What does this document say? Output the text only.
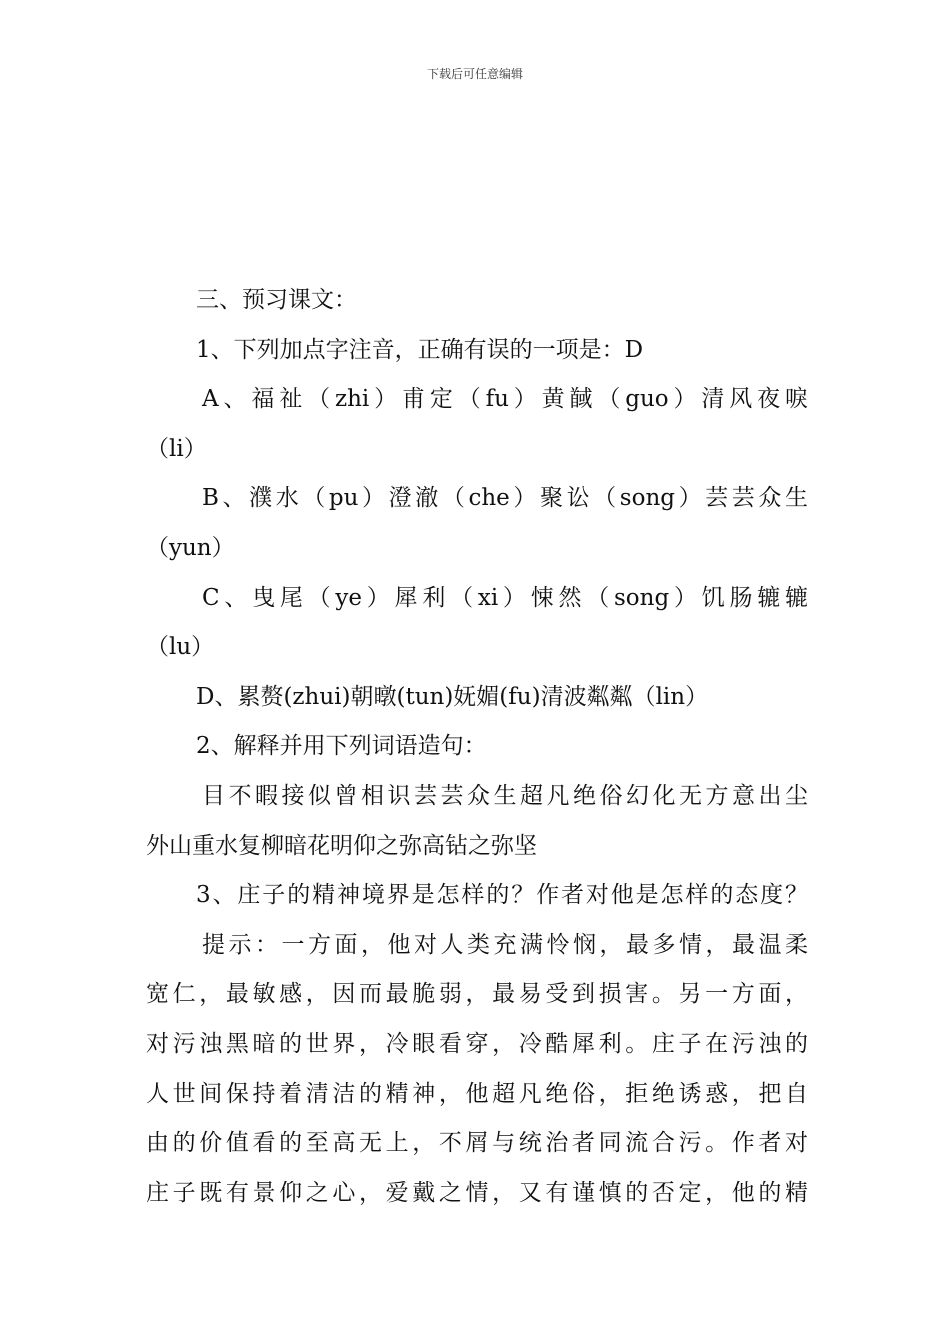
下载后可任意编辑
三、预习课文：
1、下列加点字注音，正确有误的一项是：D
A、福祉（zhi）甫定（fu）黄馘（guo）清风夜唳
（li）
B、濮水（pu）澄澈（che）聚讼（song）芸芸众生
（yun）
C、曳尾（ye）犀利（xi）悚然（song）饥肠辘辘
（lu）
D、累赘(zhui)朝暾(tun)妩媚(fu)清波粼粼（lin）
2、解释并用下列词语造句：
目不暇接似曾相识芸芸众生超凡绝俗幻化无方意出尘
外山重水复柳暗花明仰之弥高钻之弥坚
3、庄子的精神境界是怎样的？作者对他是怎样的态度？
提示：一方面，他对人类充满怜悯，最多情，最温柔
宽仁，最敏感，因而最脆弱，最易受到损害。另一方面，
对污浊黑暗的世界，冷眼看穿，冷酷犀利。庄子在污浊的
人世间保持着清洁的精神，他超凡绝俗，拒绝诱惑，把自
由的价值看的至高无上，不屑与统治者同流合污。作者对
庄子既有景仰之心，爱戴之情，又有谨慎的否定，他的精
